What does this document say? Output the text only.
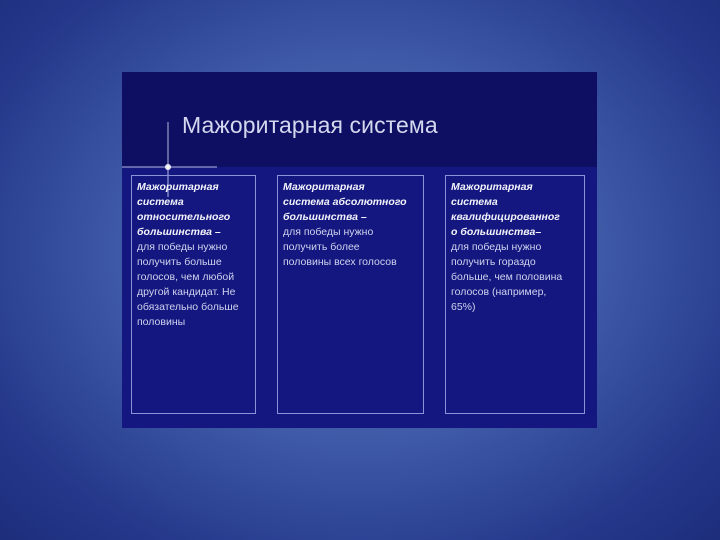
Мажоритарная система
Мажоритарная
система
относительного
большинства –
для победы нужно
получить больше
голосов, чем любой
другой кандидат. Не
обязательно больше
половины
Мажоритарная
система абсолютного
большинства –
для победы нужно
получить более
половины всех голосов
Мажоритарная
система
квалифицированног
о большинства–
для победы нужно
получить гораздо
больше, чем половина
голосов (например,
65%)
